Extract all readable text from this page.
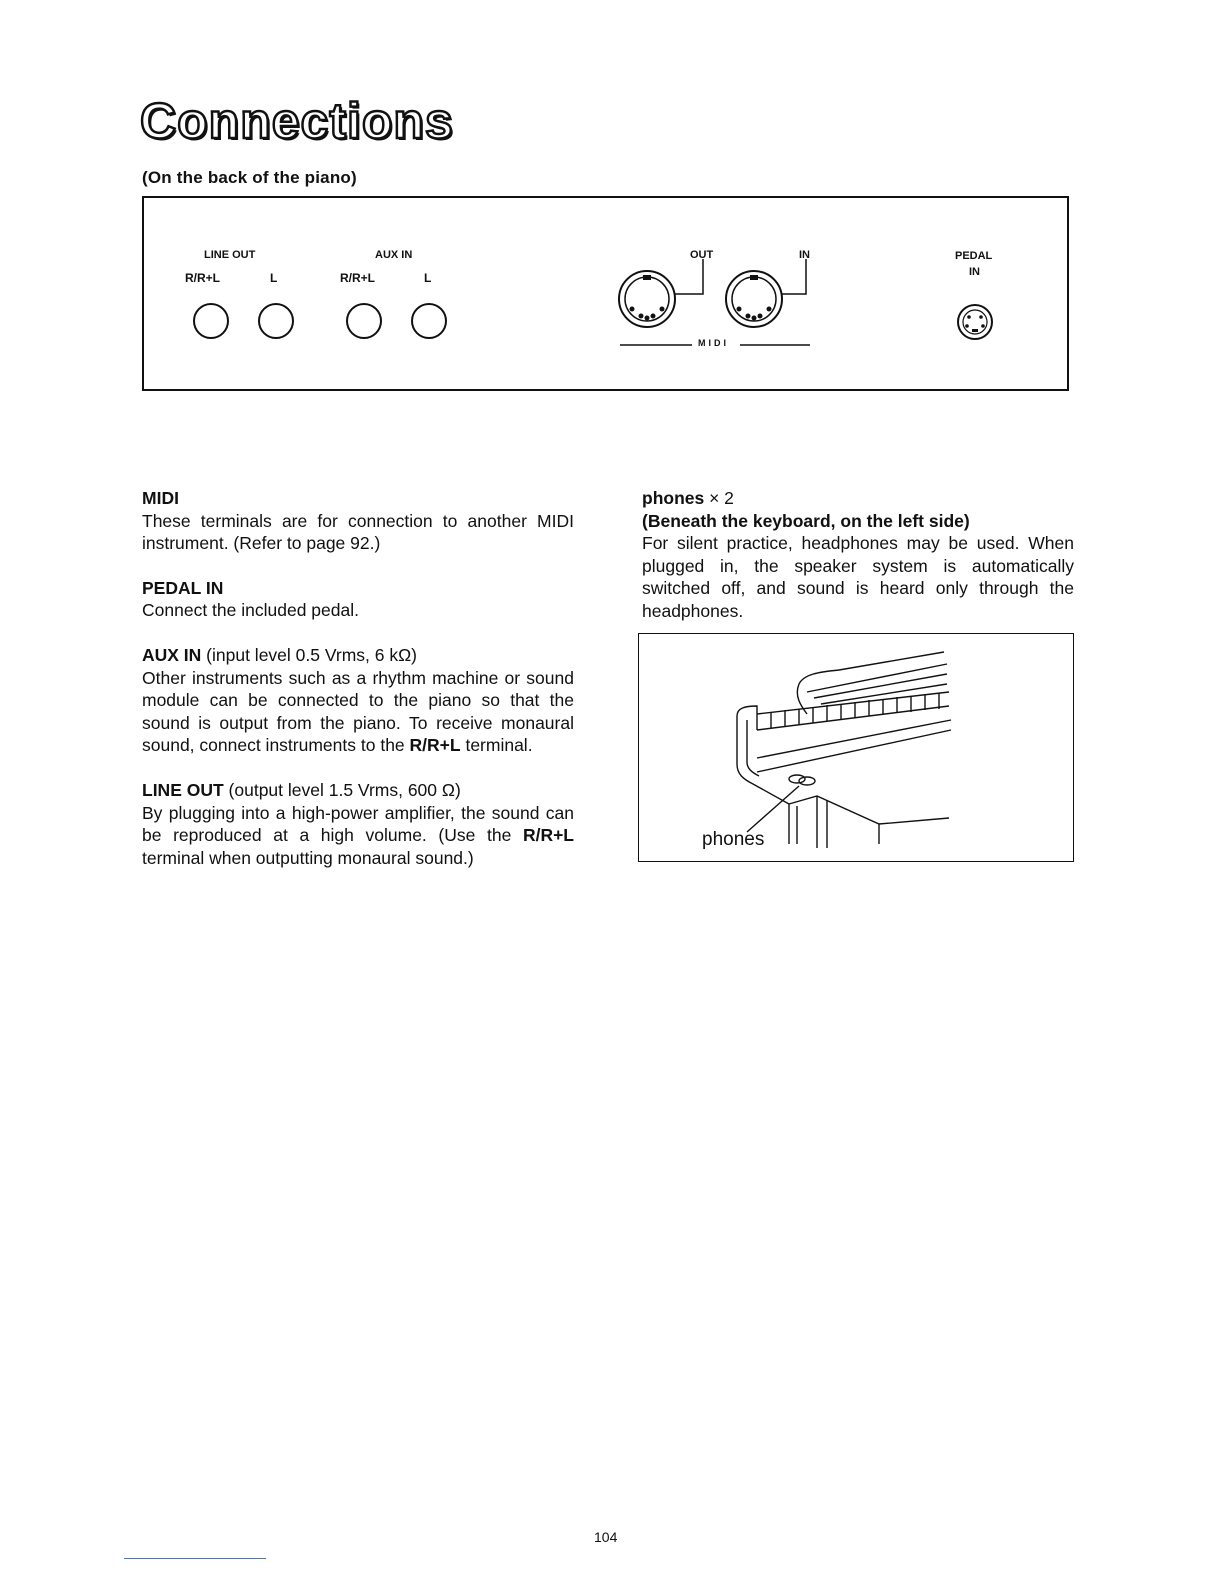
Connections
(On the back of the piano)
LINE OUT	AUX IN
R/R+L	L	R/R+L	L
OUT	IN
MIDI
PEDAL
IN
MIDI
These terminals are for connection to another MIDI instrument. (Refer to page 92.)
PEDAL IN
Connect the included pedal.
AUX IN (input level 0.5 Vrms, 6 kΩ)
Other instruments such as a rhythm machine or sound module can be connected to the piano so that the sound is output from the piano. To receive monaural sound, connect instruments to the R/R+L terminal.
LINE OUT (output level 1.5 Vrms, 600 Ω)
By plugging into a high-power amplifier, the sound can be reproduced at a high volume. (Use the R/R+L terminal when outputting monaural sound.)
phones × 2
(Beneath the keyboard, on the left side)
For silent practice, headphones may be used. When plugged in, the speaker system is automatically switched off, and sound is heard only through the headphones.
phones
104
